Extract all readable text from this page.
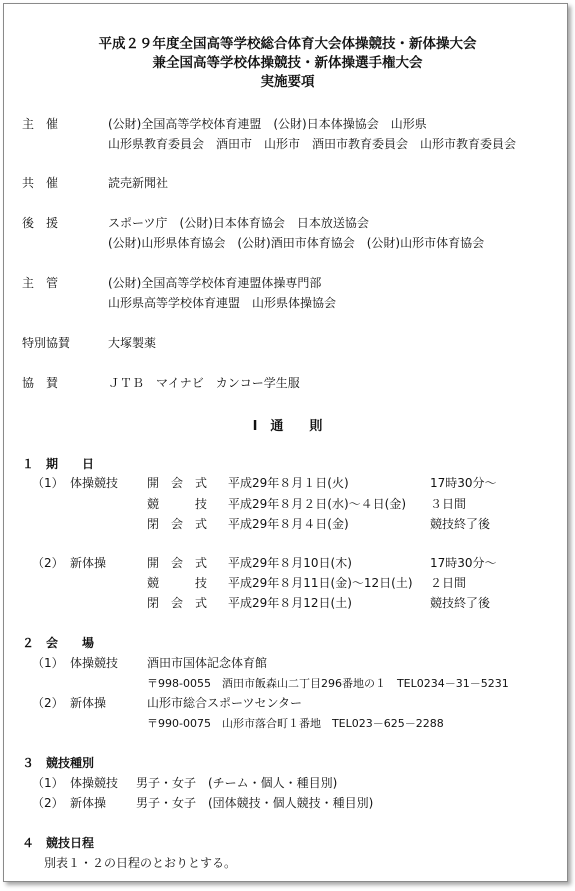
平成２９年度全国高等学校総合体育大会体操競技・新体操大会
兼全国高等学校体操競技・新体操選手権大会
実施要項
主　催	(公財)全国高等学校体育連盟　(公財)日本体操協会　山形県
山形県教育委員会　酒田市　山形市　酒田市教育委員会　山形市教育委員会
共　催	読売新聞社
後　援	スポーツ庁　(公財)日本体育協会　日本放送協会
(公財)山形県体育協会　(公財)酒田市体育協会　(公財)山形市体育協会
主　管	(公財)全国高等学校体育連盟体操専門部
山形県高等学校体育連盟　山形県体操協会
特別協賛	大塚製薬
協　賛	ＪＴＢ　マイナビ　カンコー学生服
Ⅰ　通　　則
１　期　　日
（1） 体操競技 開　会　式 平成29年８月１日(火)	17時30分～
競　　　技 平成29年８月２日(水)～４日(金) ３日間
閉　会　式 平成29年８月４日(金)	競技終了後
（2） 新体操	開　会　式 平成29年８月10日(木)	17時30分～
競　　　技 平成29年８月11日(金)～12日(土) ２日間
閉　会　式 平成29年８月12日(土)	競技終了後
２　会　　場
（1） 体操競技 酒田市国体記念体育館
〒998-0055　酒田市飯森山二丁目296番地の１　TEL0234－31－5231
（2） 新体操	山形市総合スポーツセンター
〒990-0075　山形市落合町１番地　TEL023－625－2288
３　競技種別
（1） 体操競技 男子・女子　(チーム・個人・種目別)
（2） 新体操 男子・女子　(団体競技・個人競技・種目別)
４　競技日程
別表１・２の日程のとおりとする。
